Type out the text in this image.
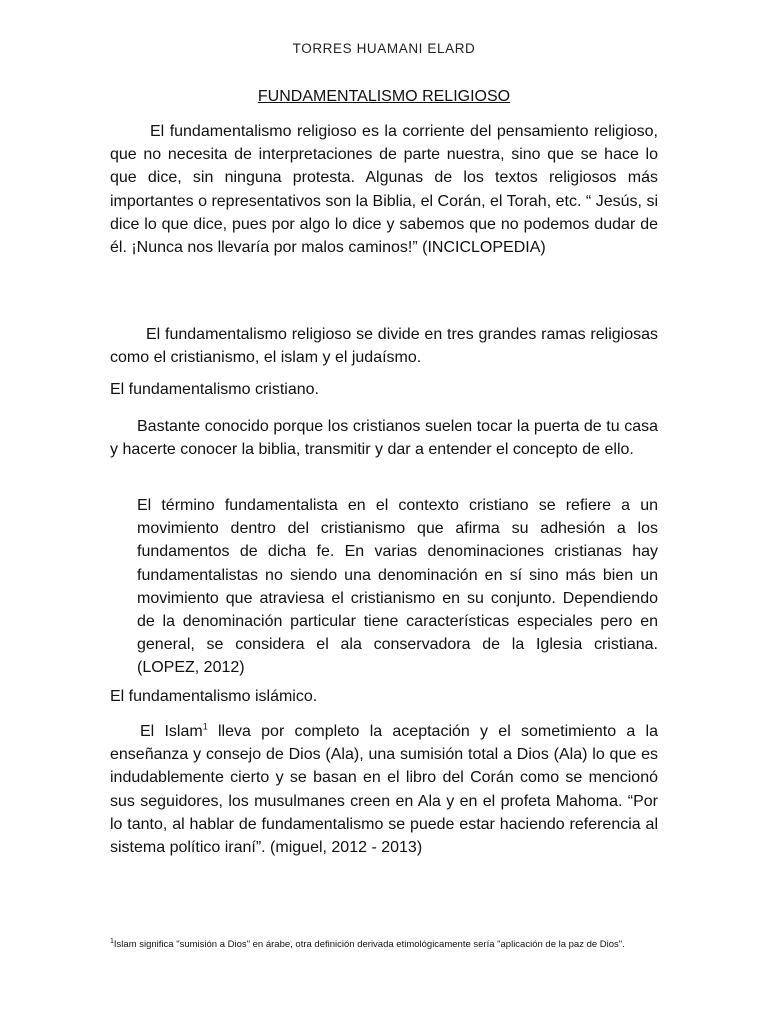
TORRES HUAMANI ELARD
FUNDAMENTALISMO RELIGIOSO

El fundamentalismo religioso es la corriente del pensamiento religioso, que no necesita de interpretaciones de parte nuestra, sino que se hace lo que dice, sin ninguna protesta. Algunas de los textos religiosos más importantes o representativos son la Biblia, el Corán, el Torah, etc. “ Jesús, si dice lo que dice, pues por algo lo dice y sabemos que no podemos dudar de él. ¡Nunca nos llevaría por malos caminos!” (INCICLOPEDIA)

El fundamentalismo religioso se divide en tres grandes ramas religiosas como el cristianismo, el islam y el judaísmo.

El fundamentalismo cristiano.

Bastante conocido porque los cristianos suelen tocar la puerta de tu casa y hacerte conocer la biblia, transmitir y dar a entender el concepto de ello.

El término fundamentalista en el contexto cristiano se refiere a un movimiento dentro del cristianismo que afirma su adhesión a los fundamentos de dicha fe. En varias denominaciones cristianas hay fundamentalistas no siendo una denominación en sí sino más bien un movimiento que atraviesa el cristianismo en su conjunto. Dependiendo de la denominación particular tiene características especiales pero en general, se considera el ala conservadora de la Iglesia cristiana. (LOPEZ, 2012)

El fundamentalismo islámico.

El Islam$^1$ lleva por completo la aceptación y el sometimiento a la enseñanza y consejo de Dios (Ala), una sumisión total a Dios (Ala) lo que es indudablemente cierto y se basan en el libro del Corán como se mencionó sus seguidores, los musulmanes creen en Ala y en el profeta Mahoma. “Por lo tanto, al hablar de fundamentalismo se puede estar haciendo referencia al sistema político iraní”. (miguel, 2012 - 2013)

$^1$Islam significa "sumisión a Dios" en árabe, otra definición derivada etimológicamente sería "aplicación de la paz de Dios".
